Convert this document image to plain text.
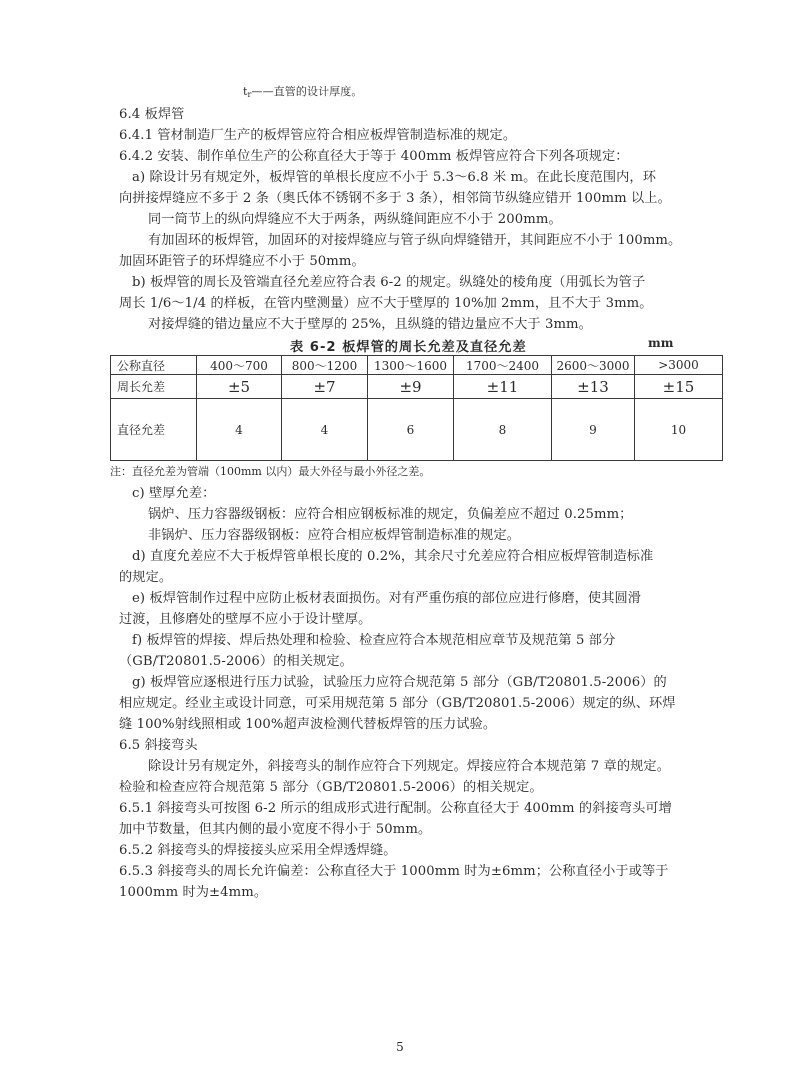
$t_r——$直管的设计厚度。
6.4 板焊管
6.4.1 管材制造厂生产的板焊管应符合相应板焊管制造标准的规定。
6.4.2 安装、制作单位生产的公称直径大于等于 400mm 板焊管应符合下列各项规定：
a) 除设计另有规定外，板焊管的单根长度应不小于 5.3～6.8 米 m。在此长度范围内，环
向拼接焊缝应不多于 2 条（奥氏体不锈钢不多于 3 条），相邻筒节纵缝应错开 100mm 以上。
同一筒节上的纵向焊缝应不大于两条，两纵缝间距应不小于 200mm。
有加固环的板焊管，加固环的对接焊缝应与管子纵向焊缝错开，其间距应不小于 100mm。
加固环距管子的环焊缝应不小于 50mm。
b) 板焊管的周长及管端直径允差应符合表 6-2 的规定。纵缝处的棱角度（用弧长为管子
周长 1/6～1/4 的样板，在管内壁测量）应不大于壁厚的 10%加 2mm，且不大于 3mm。
对接焊缝的错边量应不大于壁厚的 25%，且纵缝的错边量应不大于 3mm。
表 6-2 板焊管的周长允差及直径允差	mm
公称直径	400～700	800～1200	1300～1600	1700～2400	2600～3000	>3000
周长允差	±5	±7	±9	±11	±13	±15
直径允差	4	4	6	8	9	10
注：直径允差为管端（100mm 以内）最大外径与最小外径之差。
c) 壁厚允差：
锅炉、压力容器级钢板：应符合相应钢板标准的规定，负偏差应不超过 0.25mm；
非锅炉、压力容器级钢板：应符合相应板焊管制造标准的规定。
d) 直度允差应不大于板焊管单根长度的 0.2%，其余尺寸允差应符合相应板焊管制造标准
的规定。
e) 板焊管制作过程中应防止板材表面损伤。对有严重伤痕的部位应进行修磨，使其圆滑
过渡，且修磨处的壁厚不应小于设计壁厚。
f) 板焊管的焊接、焊后热处理和检验、检查应符合本规范相应章节及规范第 5 部分
（GB/T20801.5-2006）的相关规定。
g) 板焊管应逐根进行压力试验，试验压力应符合规范第 5 部分（GB/T20801.5-2006）的
相应规定。经业主或设计同意，可采用规范第 5 部分（GB/T20801.5-2006）规定的纵、环焊
缝 100%射线照相或 100%超声波检测代替板焊管的压力试验。
6.5 斜接弯头
除设计另有规定外，斜接弯头的制作应符合下列规定。焊接应符合本规范第 7 章的规定。
检验和检查应符合规范第 5 部分（GB/T20801.5-2006）的相关规定。
6.5.1 斜接弯头可按图 6-2 所示的组成形式进行配制。公称直径大于 400mm 的斜接弯头可增
加中节数量，但其内侧的最小宽度不得小于 50mm。
6.5.2 斜接弯头的焊接接头应采用全焊透焊缝。
6.5.3 斜接弯头的周长允许偏差：公称直径大于 1000mm 时为±6mm；公称直径小于或等于
1000mm 时为±4mm。
5
